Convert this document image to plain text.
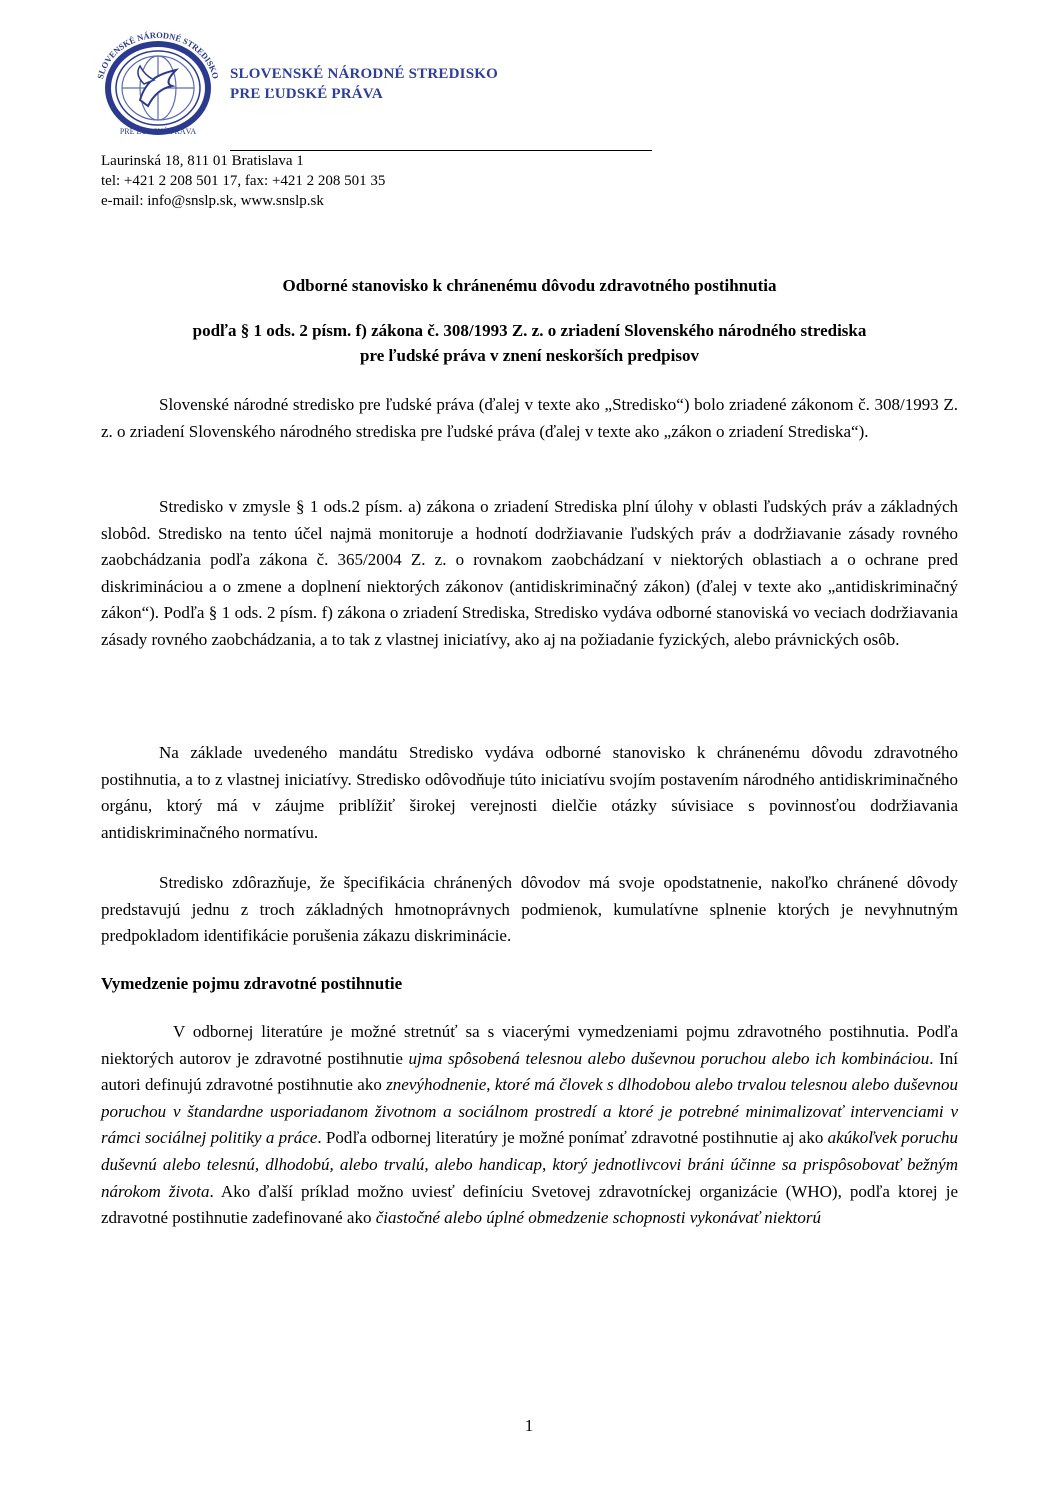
SLOVENSKÉ NÁRODNÉ STREDISKO
PRE ĽUDSKÉ PRÁVA
SLOVENSKÉ NÁRODNÉ STREDISKO
PRE ĽUDSKÉ PRÁVA
Laurinská 18, 811 01 Bratislava 1
tel: +421 2 208 501 17, fax: +421 2 208 501 35
e-mail: info@snslp.sk, www.snslp.sk
Odborné stanovisko k chránenému dôvodu zdravotného postihnutia
podľa § 1 ods. 2 písm. f) zákona č. 308/1993 Z. z. o zriadení Slovenského národného strediska
pre ľudské práva v znení neskorších predpisov

Slovenské národné stredisko pre ľudské práva (ďalej v texte ako „Stredisko“) bolo zriadené zákonom č. 308/1993 Z. z. o zriadení Slovenského národného strediska pre ľudské práva (ďalej v texte ako „zákon o zriadení Strediska“).

Stredisko v zmysle § 1 ods.2 písm. a) zákona o zriadení Strediska plní úlohy v oblasti ľudských práv a základných slobôd. Stredisko na tento účel najmä monitoruje a hodnotí dodržiavanie ľudských práv a dodržiavanie zásady rovného zaobchádzania podľa zákona č. 365/2004 Z. z. o rovnakom zaobchádzaní v niektorých oblastiach a o ochrane pred diskrimináciou a o zmene a doplnení niektorých zákonov (antidiskriminačný zákon) (ďalej v texte ako „antidiskriminačný zákon“). Podľa § 1 ods. 2 písm. f) zákona o zriadení Strediska, Stredisko vydáva odborné stanoviská vo veciach dodržiavania zásady rovného zaobchádzania, a to tak z vlastnej iniciatívy, ako aj na požiadanie fyzických, alebo právnických osôb.

Na základe uvedeného mandátu Stredisko vydáva odborné stanovisko k chránenému dôvodu zdravotného postihnutia, a to z vlastnej iniciatívy. Stredisko odôvodňuje túto iniciatívu svojím postavením národného antidiskriminačného orgánu, ktorý má v záujme priblížiť širokej verejnosti dielčie otázky súvisiace s povinnosťou dodržiavania antidiskriminačného normatívu.

Stredisko zdôrazňuje, že špecifikácia chránených dôvodov má svoje opodstatnenie, nakoľko chránené dôvody predstavujú jednu z troch základných hmotnoprávnych podmienok, kumulatívne splnenie ktorých je nevyhnutným predpokladom identifikácie porušenia zákazu diskriminácie.

Vymedzenie pojmu zdravotné postihnutie

V odbornej literatúre je možné stretnúť sa s viacerými vymedzeniami pojmu zdravotného postihnutia. Podľa niektorých autorov je zdravotné postihnutie ujma spôsobená telesnou alebo duševnou poruchou alebo ich kombináciou. Iní autori definujú zdravotné postihnutie ako znevýhodnenie, ktoré má človek s dlhodobou alebo trvalou telesnou alebo duševnou poruchou v štandardne usporiadanom životnom a sociálnom prostredí a ktoré je potrebné minimalizovať intervenciami v rámci sociálnej politiky a práce. Podľa odbornej literatúry je možné ponímať zdravotné postihnutie aj ako akúkoľvek poruchu duševnú alebo telesnú, dlhodobú, alebo trvalú, alebo handicap, ktorý jednotlivcovi bráni účinne sa prispôsobovať bežným nárokom života. Ako ďalší príklad možno uviesť definíciu Svetovej zdravotníckej organizácie (WHO), podľa ktorej je zdravotné postihnutie zadefinované ako čiastočné alebo úplné obmedzenie schopnosti vykonávať niektorú

1
